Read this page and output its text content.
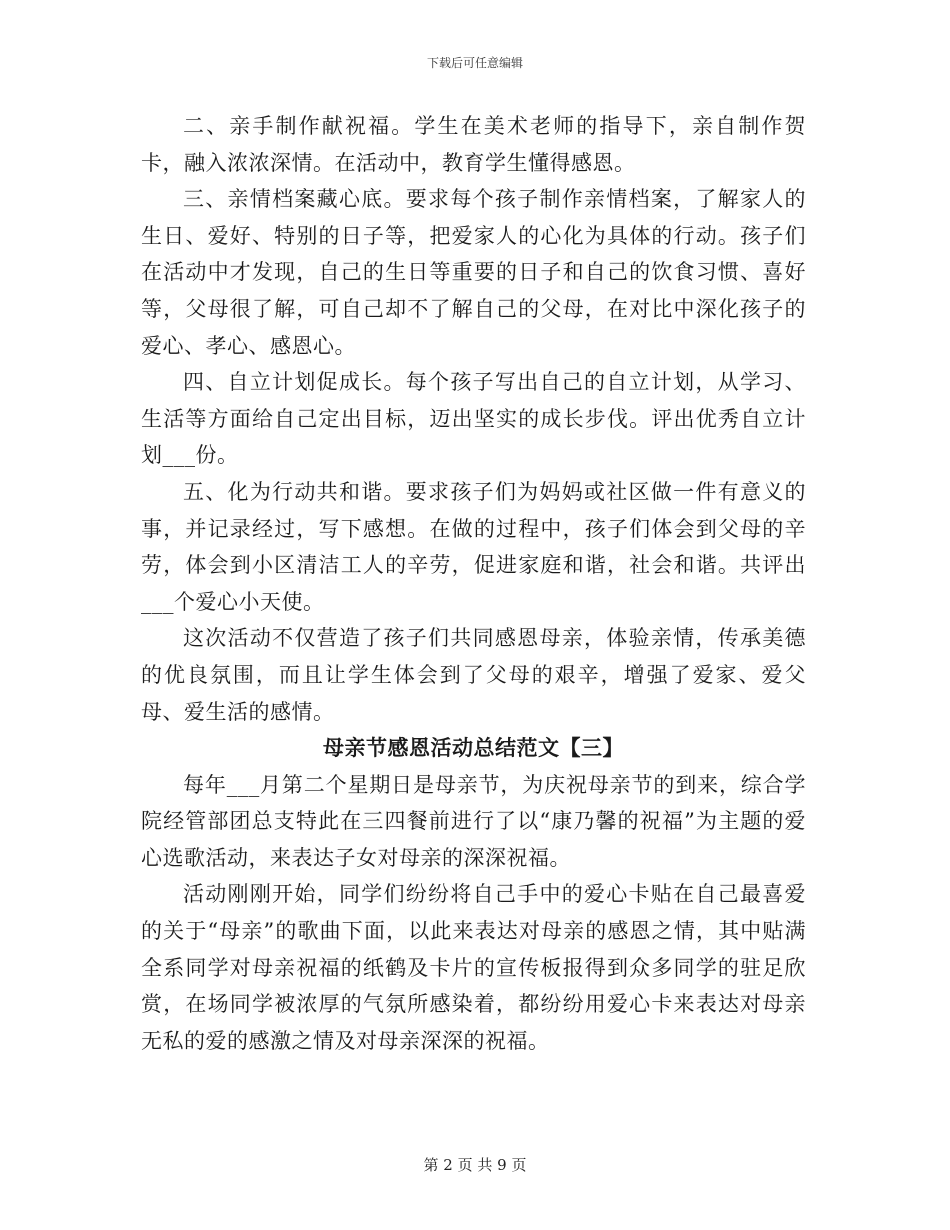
下载后可任意编辑

二、亲手制作献祝福。学生在美术老师的指导下，亲自制作贺卡，融入浓浓深情。在活动中，教育学生懂得感恩。

三、亲情档案藏心底。要求每个孩子制作亲情档案，了解家人的生日、爱好、特别的日子等，把爱家人的心化为具体的行动。孩子们在活动中才发现，自己的生日等重要的日子和自己的饮食习惯、喜好等，父母很了解，可自己却不了解自己的父母，在对比中深化孩子的爱心、孝心、感恩心。

四、自立计划促成长。每个孩子写出自己的自立计划，从学习、生活等方面给自己定出目标，迈出坚实的成长步伐。评出优秀自立计划___份。

五、化为行动共和谐。要求孩子们为妈妈或社区做一件有意义的事，并记录经过，写下感想。在做的过程中，孩子们体会到父母的辛劳，体会到小区清洁工人的辛劳，促进家庭和谐，社会和谐。共评出___个爱心小天使。

这次活动不仅营造了孩子们共同感恩母亲，体验亲情，传承美德的优良氛围，而且让学生体会到了父母的艰辛，增强了爱家、爱父母、爱生活的感情。

母亲节感恩活动总结范文【三】

每年___月第二个星期日是母亲节，为庆祝母亲节的到来，综合学院经管部团总支特此在三四餐前进行了以“康乃馨的祝福”为主题的爱心选歌活动，来表达子女对母亲的深深祝福。

活动刚刚开始，同学们纷纷将自己手中的爱心卡贴在自己最喜爱的关于“母亲”的歌曲下面，以此来表达对母亲的感恩之情，其中贴满全系同学对母亲祝福的纸鹤及卡片的宣传板报得到众多同学的驻足欣赏，在场同学被浓厚的气氛所感染着，都纷纷用爱心卡来表达对母亲无私的爱的感激之情及对母亲深深的祝福。

第 2 页 共 9 页
